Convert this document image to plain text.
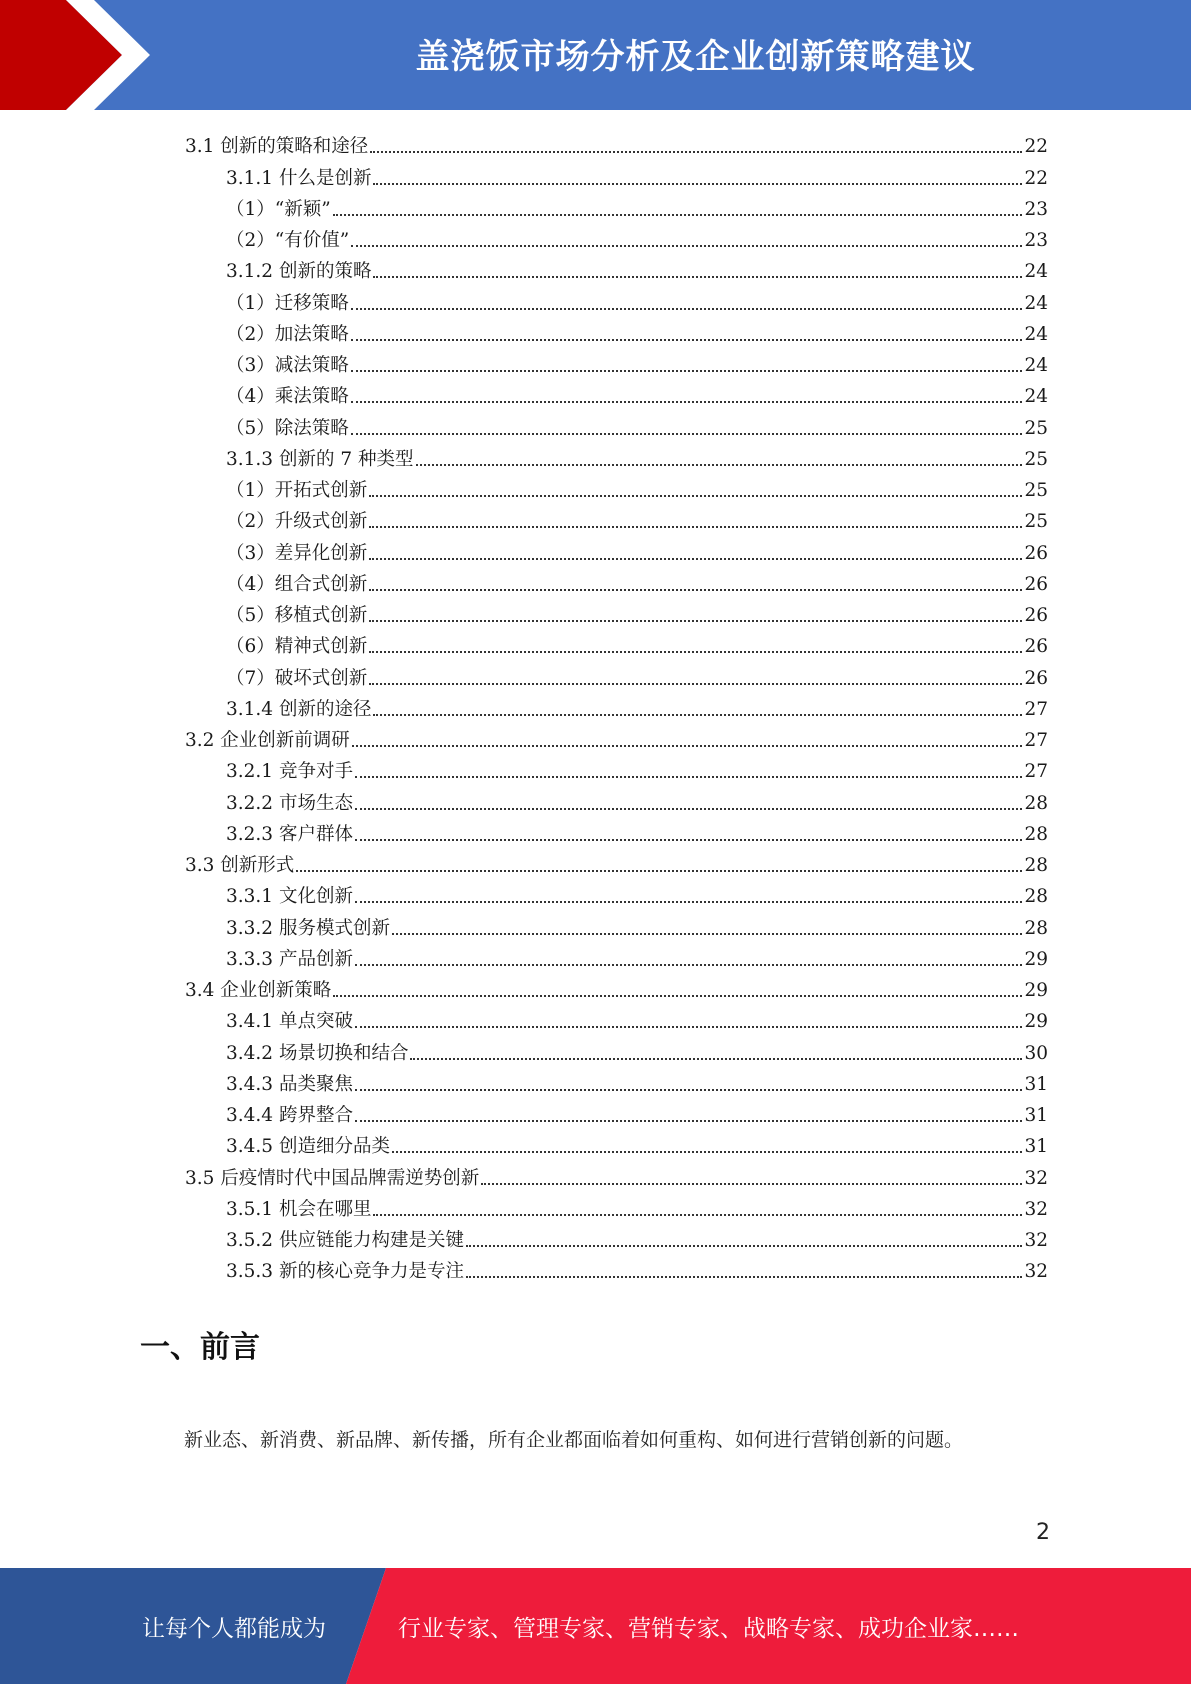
盖浇饭市场分析及企业创新策略建议
3.1 创新的策略和途径	22
3.1.1 什么是创新	22
（1）“新颖”	23
（2）“有价值”	23
3.1.2 创新的策略	24
（1）迁移策略	24
（2）加法策略	24
（3）减法策略	24
（4）乘法策略	24
（5）除法策略	25
3.1.3 创新的 7 种类型	25
（1）开拓式创新	25
（2）升级式创新	25
（3）差异化创新	26
（4）组合式创新	26
（5）移植式创新	26
（6）精神式创新	26
（7）破坏式创新	26
3.1.4 创新的途径	27
3.2 企业创新前调研	27
3.2.1 竞争对手	27
3.2.2 市场生态	28
3.2.3 客户群体	28
3.3 创新形式	28
3.3.1 文化创新	28
3.3.2 服务模式创新	28
3.3.3 产品创新	29
3.4 企业创新策略	29
3.4.1 单点突破	29
3.4.2 场景切换和结合	30
3.4.3 品类聚焦	31
3.4.4 跨界整合	31
3.4.5 创造细分品类	31
3.5 后疫情时代中国品牌需逆势创新	32
3.5.1 机会在哪里	32
3.5.2 供应链能力构建是关键	32
3.5.3 新的核心竞争力是专注	32
一、前言
新业态、新消费、新品牌、新传播，所有企业都面临着如何重构、如何进行营销创新的问题。
2
让每个人都能成为	行业专家、管理专家、营销专家、战略专家、成功企业家……
